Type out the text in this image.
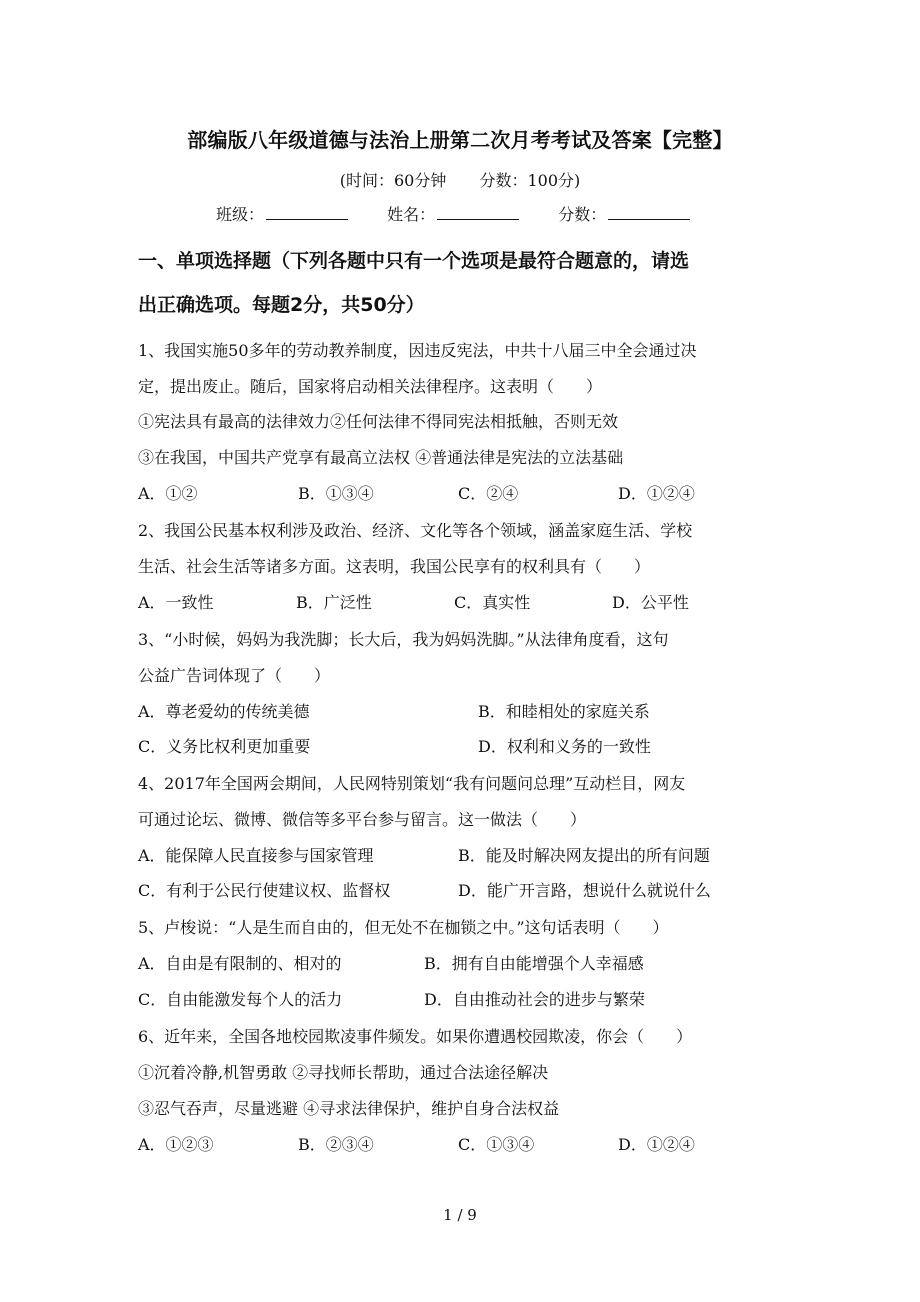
部编版八年级道德与法治上册第二次月考考试及答案【完整】
(时间：60分钟 分数：100分)
班级：	姓名：	分数：
一、单项选择题（下列各题中只有一个选项是最符合题意的，请选
出正确选项。每题2分，共50分）
1、我国实施50多年的劳动教养制度，因违反宪法，中共十八届三中全会通过决
定，提出废止。随后，国家将启动相关法律程序。这表明（　　）
①宪法具有最高的法律效力②任何法律不得同宪法相抵触，否则无效
③在我国，中国共产党享有最高立法权 ④普通法律是宪法的立法基础
A．①②	B．①③④	C．②④	D．①②④
2、我国公民基本权利涉及政治、经济、文化等各个领域，涵盖家庭生活、学校
生活、社会生活等诸多方面。这表明，我国公民享有的权利具有（　　）
A．一致性	B．广泛性	C．真实性	D．公平性
3、“小时候，妈妈为我洗脚；长大后，我为妈妈洗脚。”从法律角度看，这句
公益广告词体现了（　　）
A．尊老爱幼的传统美德	B．和睦相处的家庭关系
C．义务比权利更加重要	D．权利和义务的一致性
4、2017年全国两会期间，人民网特别策划“我有问题问总理”互动栏目，网友
可通过论坛、微博、微信等多平台参与留言。这一做法（　　）
A．能保障人民直接参与国家管理	B．能及时解决网友提出的所有问题
C．有利于公民行使建议权、监督权	D．能广开言路，想说什么就说什么
5、卢梭说：“人是生而自由的，但无处不在枷锁之中。”这句话表明（　　）
A．自由是有限制的、相对的	B．拥有自由能增强个人幸福感
C．自由能激发每个人的活力	D．自由推动社会的进步与繁荣
6、近年来，全国各地校园欺凌事件频发。如果你遭遇校园欺凌，你会（　　）
①沉着冷静,机智勇敢 ②寻找师长帮助，通过合法途径解决
③忍气吞声，尽量逃避 ④寻求法律保护，维护自身合法权益
A．①②③	B．②③④	C．①③④	D．①②④
1 / 9
